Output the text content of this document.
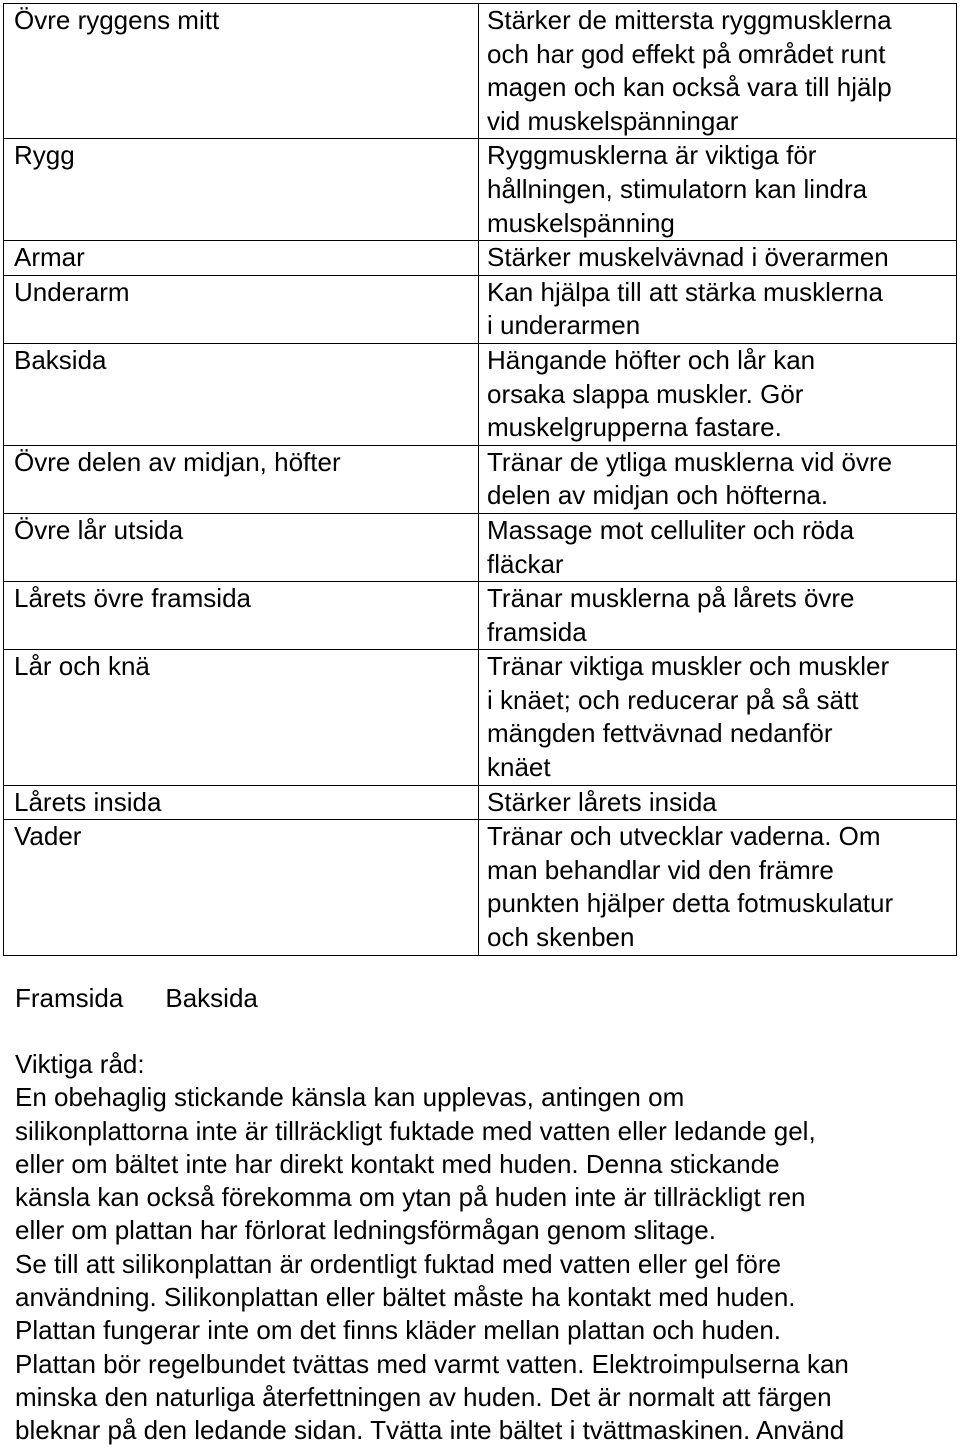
Övre ryggens mitt	Stärker de mittersta ryggmusklerna
och har god effekt på området runt
magen och kan också vara till hjälp
vid muskelspänningar

Rygg	Ryggmusklerna är viktiga för
hållningen, stimulatorn kan lindra
muskelspänning

Armar	Stärker muskelvävnad i överarmen

Underarm	Kan hjälpa till att stärka musklerna
i underarmen

Baksida	Hängande höfter och lår kan
orsaka slappa muskler. Gör
muskelgrupperna fastare.

Övre delen av midjan, höfter	Tränar de ytliga musklerna vid övre
delen av midjan och höfterna.

Övre lår utsida	Massage mot celluliter och röda
fläckar

Lårets övre framsida	Tränar musklerna på lårets övre
framsida

Lår och knä	Tränar viktiga muskler och muskler
i knäet; och reducerar på så sätt
mängden fettvävnad nedanför
knäet

Lårets insida	Stärker lårets insida

Vader	Tränar och utvecklar vaderna. Om
man behandlar vid den främre
punkten hjälper detta fotmuskulatur
och skenben
Framsida Baksida
Viktiga råd:
En obehaglig stickande känsla kan upplevas, antingen om
silikonplattorna inte är tillräckligt fuktade med vatten eller ledande gel,
eller om bältet inte har direkt kontakt med huden. Denna stickande
känsla kan också förekomma om ytan på huden inte är tillräckligt ren
eller om plattan har förlorat ledningsförmågan genom slitage.
Se till att silikonplattan är ordentligt fuktad med vatten eller gel före
användning. Silikonplattan eller bältet måste ha kontakt med huden.
Plattan fungerar inte om det finns kläder mellan plattan och huden.
Plattan bör regelbundet tvättas med varmt vatten. Elektroimpulserna kan
minska den naturliga återfettningen av huden. Det är normalt att färgen
bleknar på den ledande sidan. Tvätta inte bältet i tvättmaskinen. Använd
